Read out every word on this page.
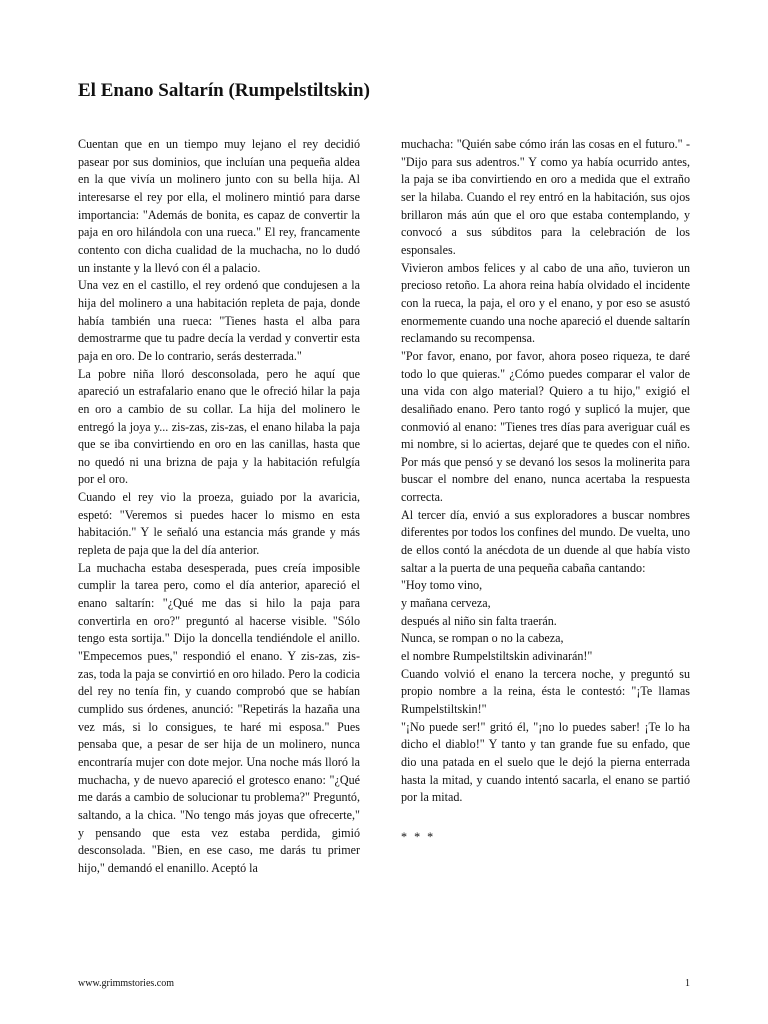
El Enano Saltarín (Rumpelstiltskin)

Cuentan que en un tiempo muy lejano el rey decidió pasear por sus dominios, que incluían una pequeña aldea en la que vivía un molinero junto con su bella hija. Al interesarse el rey por ella, el molinero mintió para darse importancia: "Además de bonita, es capaz de convertir la paja en oro hilándola con una rueca." El rey, francamente contento con dicha cualidad de la muchacha, no lo dudó un instante y la llevó con él a palacio.

Una vez en el castillo, el rey ordenó que condujesen a la hija del molinero a una habitación repleta de paja, donde había también una rueca: "Tienes hasta el alba para demostrarme que tu padre decía la verdad y convertir esta paja en oro. De lo contrario, serás desterrada."

La pobre niña lloró desconsolada, pero he aquí que apareció un estrafalario enano que le ofreció hilar la paja en oro a cambio de su collar. La hija del molinero le entregó la joya y... zis-zas, zis-zas, el enano hilaba la paja que se iba convirtiendo en oro en las canillas, hasta que no quedó ni una brizna de paja y la habitación refulgía por el oro.

Cuando el rey vio la proeza, guiado por la avaricia, espetó: "Veremos si puedes hacer lo mismo en esta habitación." Y le señaló una estancia más grande y más repleta de paja que la del día anterior.

La muchacha estaba desesperada, pues creía imposible cumplir la tarea pero, como el día anterior, apareció el enano saltarín: "¿Qué me das si hilo la paja para convertirla en oro?" preguntó al hacerse visible. "Sólo tengo esta sortija." Dijo la doncella tendiéndole el anillo. "Empecemos pues," respondió el enano. Y zis-zas, zis-zas, toda la paja se convirtió en oro hilado. Pero la codicia del rey no tenía fin, y cuando comprobó que se habían cumplido sus órdenes, anunció: "Repetirás la hazaña una vez más, si lo consigues, te haré mi esposa." Pues pensaba que, a pesar de ser hija de un molinero, nunca encontraría mujer con dote mejor. Una noche más lloró la muchacha, y de nuevo apareció el grotesco enano: "¿Qué me darás a cambio de solucionar tu problema?" Preguntó, saltando, a la chica. "No tengo más joyas que ofrecerte," y pensando que esta vez estaba perdida, gimió desconsolada. "Bien, en ese caso, me darás tu primer hijo," demandó el enanillo. Aceptó la

muchacha: "Quién sabe cómo irán las cosas en el futuro." - "Dijo para sus adentros." Y como ya había ocurrido antes, la paja se iba convirtiendo en oro a medida que el extraño ser la hilaba. Cuando el rey entró en la habitación, sus ojos brillaron más aún que el oro que estaba contemplando, y convocó a sus súbditos para la celebración de los esponsales.

Vivieron ambos felices y al cabo de una año, tuvieron un precioso retoño. La ahora reina había olvidado el incidente con la rueca, la paja, el oro y el enano, y por eso se asustó enormemente cuando una noche apareció el duende saltarín reclamando su recompensa.

"Por favor, enano, por favor, ahora poseo riqueza, te daré todo lo que quieras." ¿Cómo puedes comparar el valor de una vida con algo material? Quiero a tu hijo," exigió el desaliñado enano. Pero tanto rogó y suplicó la mujer, que conmovió al enano: "Tienes tres días para averiguar cuál es mi nombre, si lo aciertas, dejaré que te quedes con el niño. Por más que pensó y se devanó los sesos la molinerita para buscar el nombre del enano, nunca acertaba la respuesta correcta.

Al tercer día, envió a sus exploradores a buscar nombres diferentes por todos los confines del mundo. De vuelta, uno de ellos contó la anécdota de un duende al que había visto saltar a la puerta de una pequeña cabaña cantando:

"Hoy tomo vino,
y mañana cerveza,
después al niño sin falta traerán.
Nunca, se rompan o no la cabeza,
el nombre Rumpelstiltskin adivinarán!"

Cuando volvió el enano la tercera noche, y preguntó su propio nombre a la reina, ésta le contestó: "¡Te llamas Rumpelstiltskin!"

"¡No puede ser!" gritó él, "¡no lo puedes saber! ¡Te lo ha dicho el diablo!" Y tanto y tan grande fue su enfado, que dio una patada en el suelo que le dejó la pierna enterrada hasta la mitad, y cuando intentó sacarla, el enano se partió por la mitad.

* * *

www.grimmstories.com	1
